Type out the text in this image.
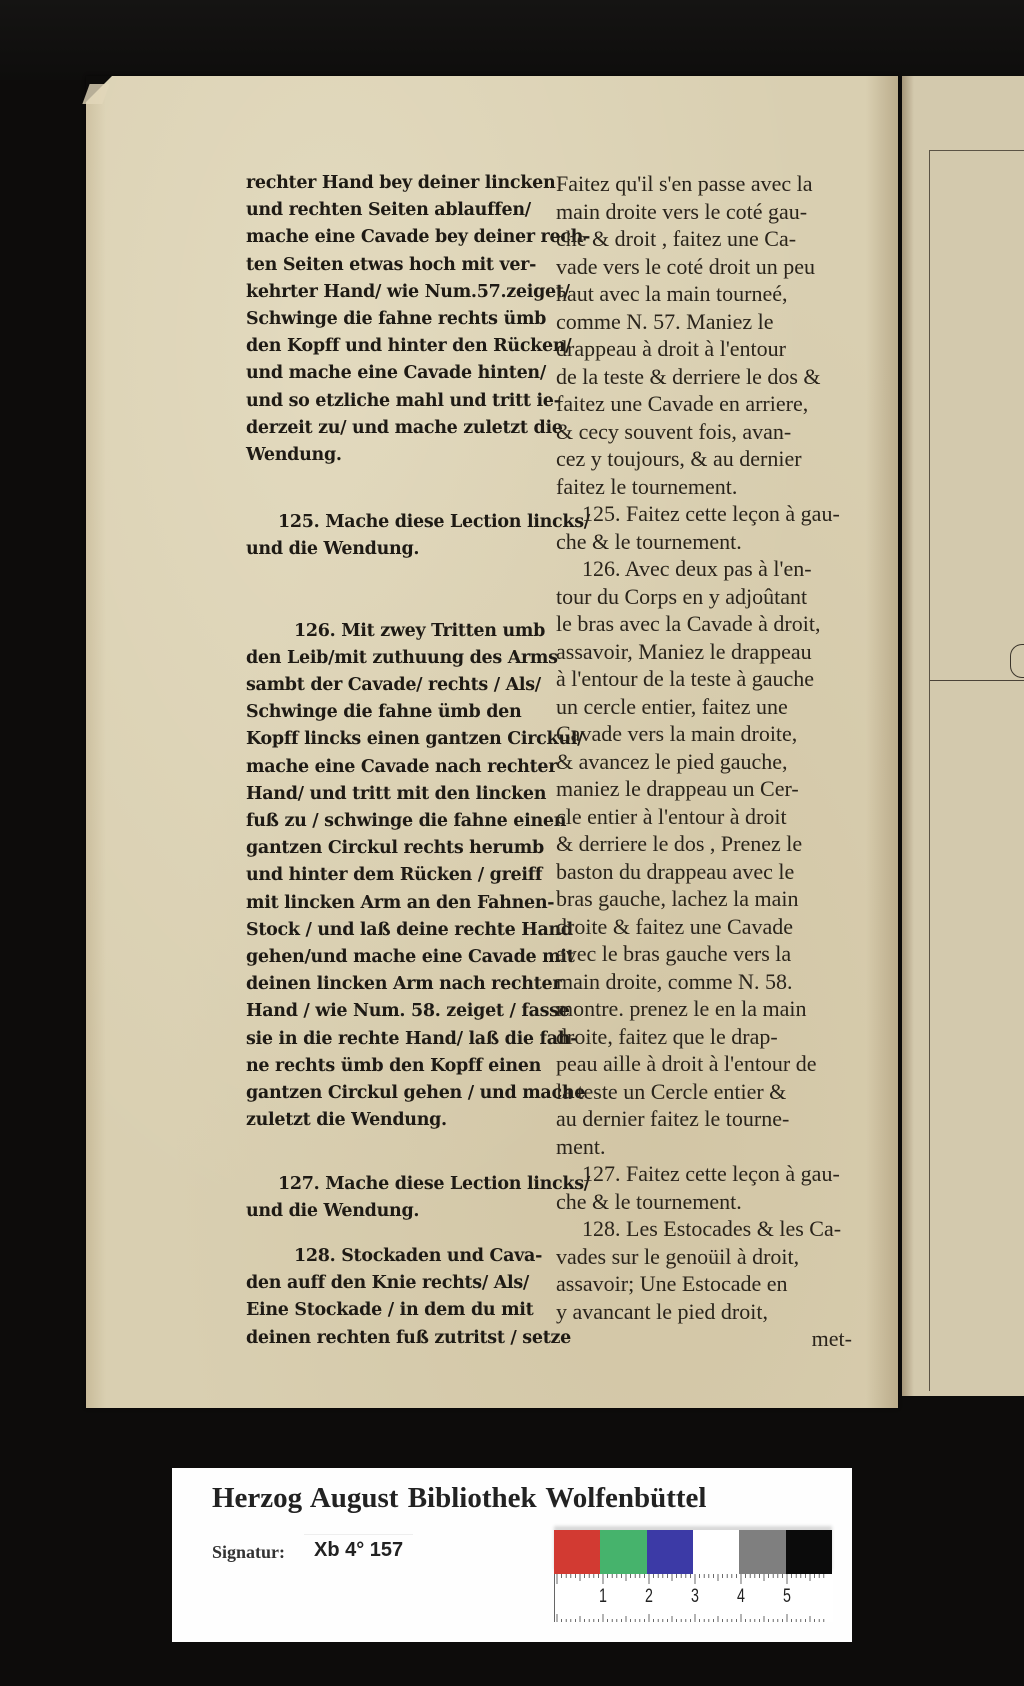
rechter Hand bey deiner lincken
und rechten Seiten ablauffen/
mache eine Cavade bey deiner rech-
ten Seiten etwas hoch mit ver-
kehrter Hand/ wie Num.57.zeiget/
Schwinge die fahne rechts ümb
den Kopff und hinter den Rücken/
und mache eine Cavade hinten/
und so etzliche mahl und tritt ie-
derzeit zu/ und mache zuletzt die
Wendung.

125. Mache diese Lection lincks/
und die Wendung.

126. Mit zwey Tritten umb
den Leib/mit zuthuung des Arms
sambt der Cavade/ rechts / Als/
Schwinge die fahne ümb den
Kopff lincks einen gantzen Circkul/
mache eine Cavade nach rechter
Hand/ und tritt mit den lincken
fuß zu / schwinge die fahne einen
gantzen Circkul rechts herumb
und hinter dem Rücken / greiff
mit lincken Arm an den Fahnen-
Stock / und laß deine rechte Hand
gehen/und mache eine Cavade mit
deinen lincken Arm nach rechter
Hand / wie Num. 58. zeiget / fasse
sie in die rechte Hand/ laß die fah-
ne rechts ümb den Kopff einen
gantzen Circkul gehen / und mache
zuletzt die Wendung.

127. Mache diese Lection lincks/
und die Wendung.

128. Stockaden und Cava-
den auff den Knie rechts/ Als/
Eine Stockade / in dem du mit
deinen rechten fuß zutritst / setze

Faitez qu'il s'en passe avec la
main droite vers le coté gau-
che & droit , faitez une Ca-
vade vers le coté droit un peu
haut avec la main tourneé,
comme N. 57. Maniez le
drappeau à droit à l'entour
de la teste & derriere le dos &
faitez une Cavade en arriere,
& cecy souvent fois, avan-
cez y toujours, & au dernier
faitez le tournement.

125. Faitez cette leçon à gau-
che & le tournement.

126. Avec deux pas à l'en-
tour du Corps en y adjoûtant
le bras avec la Cavade à droit,
assavoir, Maniez le drappeau
à l'entour de la teste à gauche
un cercle entier, faitez une
Cavade vers la main droite,
& avancez le pied gauche,
maniez le drappeau un Cer-
cle entier à l'entour à droit
& derriere le dos , Prenez le
baston du drappeau avec le
bras gauche, lachez la main
droite & faitez une Cavade
avec le bras gauche vers la
main droite, comme N. 58.
montre. prenez le en la main
droite, faitez que le drap-
peau aille à droit à l'entour de
la teste un Cercle entier &
au dernier faitez le tourne-
ment.

127. Faitez cette leçon à gau-
che & le tournement.

128. Les Estocades & les Ca-
vades sur le genoüil à droit,
assavoir; Une Estocade en
y avancant le pied droit,

met-
Herzog August Bibliothek Wolfenbüttel
Signatur:	Xb 4° 157
1 2 3 4 5
